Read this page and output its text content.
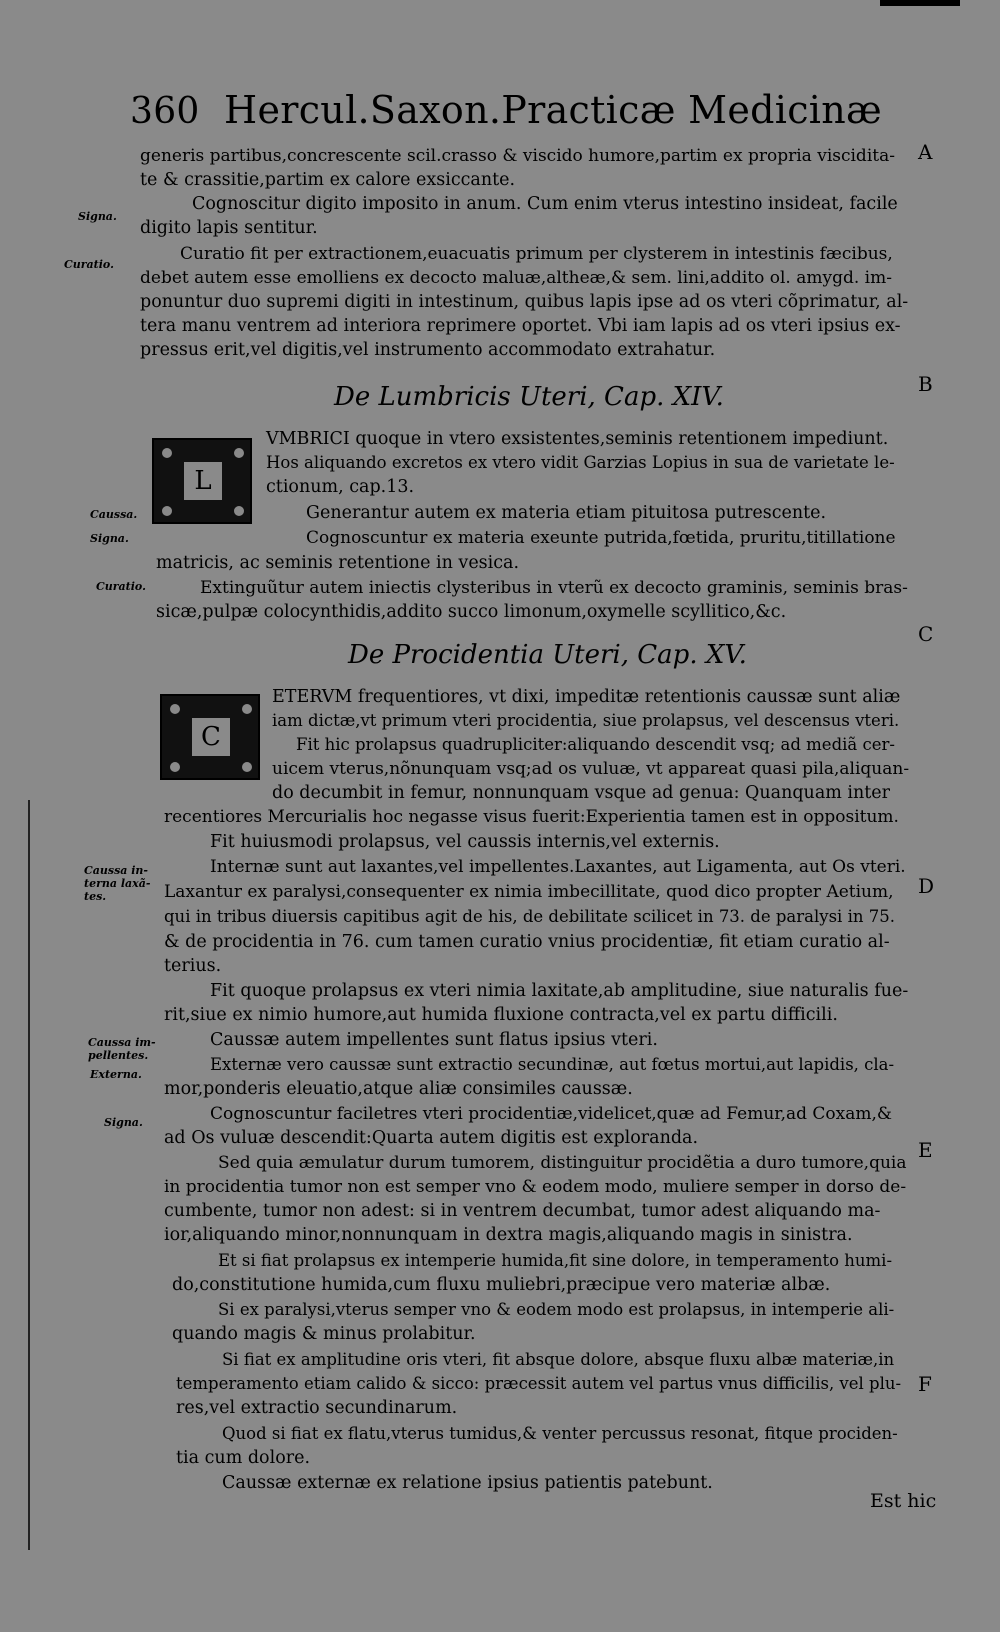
360 Hercul.Saxon.Practicæ Medicinæ
A
B
C
D
E
F
Signa.
Curatio.
Caussa.
Signa.
Curatio.
Caussa in-terna laxã-tes.
Caussa im-pellentes.
Externa.
Signa.
De Lumbricis Uteri, Cap. XIV.
De Procidentia Uteri, Cap. XV.
L
C
generis partibus,concrescente scil.crasso & viscido humore,partim ex propria viscidita-
te & crassitie,partim ex calore exsiccante.
Cognoscitur digito imposito in anum. Cum enim vterus intestino insideat, facile
digito lapis sentitur.
Curatio fit per extractionem,euacuatis primum per clysterem in intestinis fæcibus,
debet autem esse emolliens ex decocto maluæ,altheæ,& sem. lini,addito ol. amygd. im-
ponuntur duo supremi digiti in intestinum, quibus lapis ipse ad os vteri cõprimatur, al-
tera manu ventrem ad interiora reprimere oportet. Vbi iam lapis ad os vteri ipsius ex-
pressus erit,vel digitis,vel instrumento accommodato extrahatur.
VMBRICI quoque in vtero exsistentes,seminis retentionem impediunt.
Hos aliquando excretos ex vtero vidit Garzias Lopius in sua de varietate le-
ctionum, cap.13.
Generantur autem ex materia etiam pituitosa putrescente.
Cognoscuntur ex materia exeunte putrida,fœtida, pruritu,titillatione
matricis, ac seminis retentione in vesica.
Extinguũtur autem iniectis clysteribus in vterũ ex decocto graminis, seminis bras-
sicæ,pulpæ colocynthidis,addito succo limonum,oxymelle scyllitico,&c.
ETERVM frequentiores, vt dixi, impeditæ retentionis caussæ sunt aliæ
iam dictæ,vt primum vteri procidentia, siue prolapsus, vel descensus vteri.
Fit hic prolapsus quadrupliciter:aliquando descendit vsq; ad mediã cer-
uicem vterus,nõnunquam vsq;ad os vuluæ, vt appareat quasi pila,aliquan-
do decumbit in femur, nonnunquam vsque ad genua: Quanquam inter
recentiores Mercurialis hoc negasse visus fuerit:Experientia tamen est in oppositum.
Fit huiusmodi prolapsus, vel caussis internis,vel externis.
Internæ sunt aut laxantes,vel impellentes.Laxantes, aut Ligamenta, aut Os vteri.
Laxantur ex paralysi,consequenter ex nimia imbecillitate, quod dico propter Aetium,
qui in tribus diuersis capitibus agit de his, de debilitate scilicet in 73. de paralysi in 75.
& de procidentia in 76. cum tamen curatio vnius procidentiæ, fit etiam curatio al-
terius.
Fit quoque prolapsus ex vteri nimia laxitate,ab amplitudine, siue naturalis fue-
rit,siue ex nimio humore,aut humida fluxione contracta,vel ex partu difficili.
Caussæ autem impellentes sunt flatus ipsius vteri.
Externæ vero caussæ sunt extractio secundinæ, aut fœtus mortui,aut lapidis, cla-
mor,ponderis eleuatio,atque aliæ consimiles caussæ.
Cognoscuntur faciletres vteri procidentiæ,videlicet,quæ ad Femur,ad Coxam,&
ad Os vuluæ descendit:Quarta autem digitis est exploranda.
Sed quia æmulatur durum tumorem, distinguitur procidẽtia a duro tumore,quia
in procidentia tumor non est semper vno & eodem modo, muliere semper in dorso de-
cumbente, tumor non adest: si in ventrem decumbat, tumor adest aliquando ma-
ior,aliquando minor,nonnunquam in dextra magis,aliquando magis in sinistra.
Et si fiat prolapsus ex intemperie humida,fit sine dolore, in temperamento humi-
do,constitutione humida,cum fluxu muliebri,præcipue vero materiæ albæ.
Si ex paralysi,vterus semper vno & eodem modo est prolapsus, in intemperie ali-
quando magis & minus prolabitur.
Si fiat ex amplitudine oris vteri, fit absque dolore, absque fluxu albæ materiæ,in
temperamento etiam calido & sicco: præcessit autem vel partus vnus difficilis, vel plu-
res,vel extractio secundinarum.
Quod si fiat ex flatu,vterus tumidus,& venter percussus resonat, fitque prociden-
tia cum dolore.
Caussæ externæ ex relatione ipsius patientis patebunt.
Est hic
